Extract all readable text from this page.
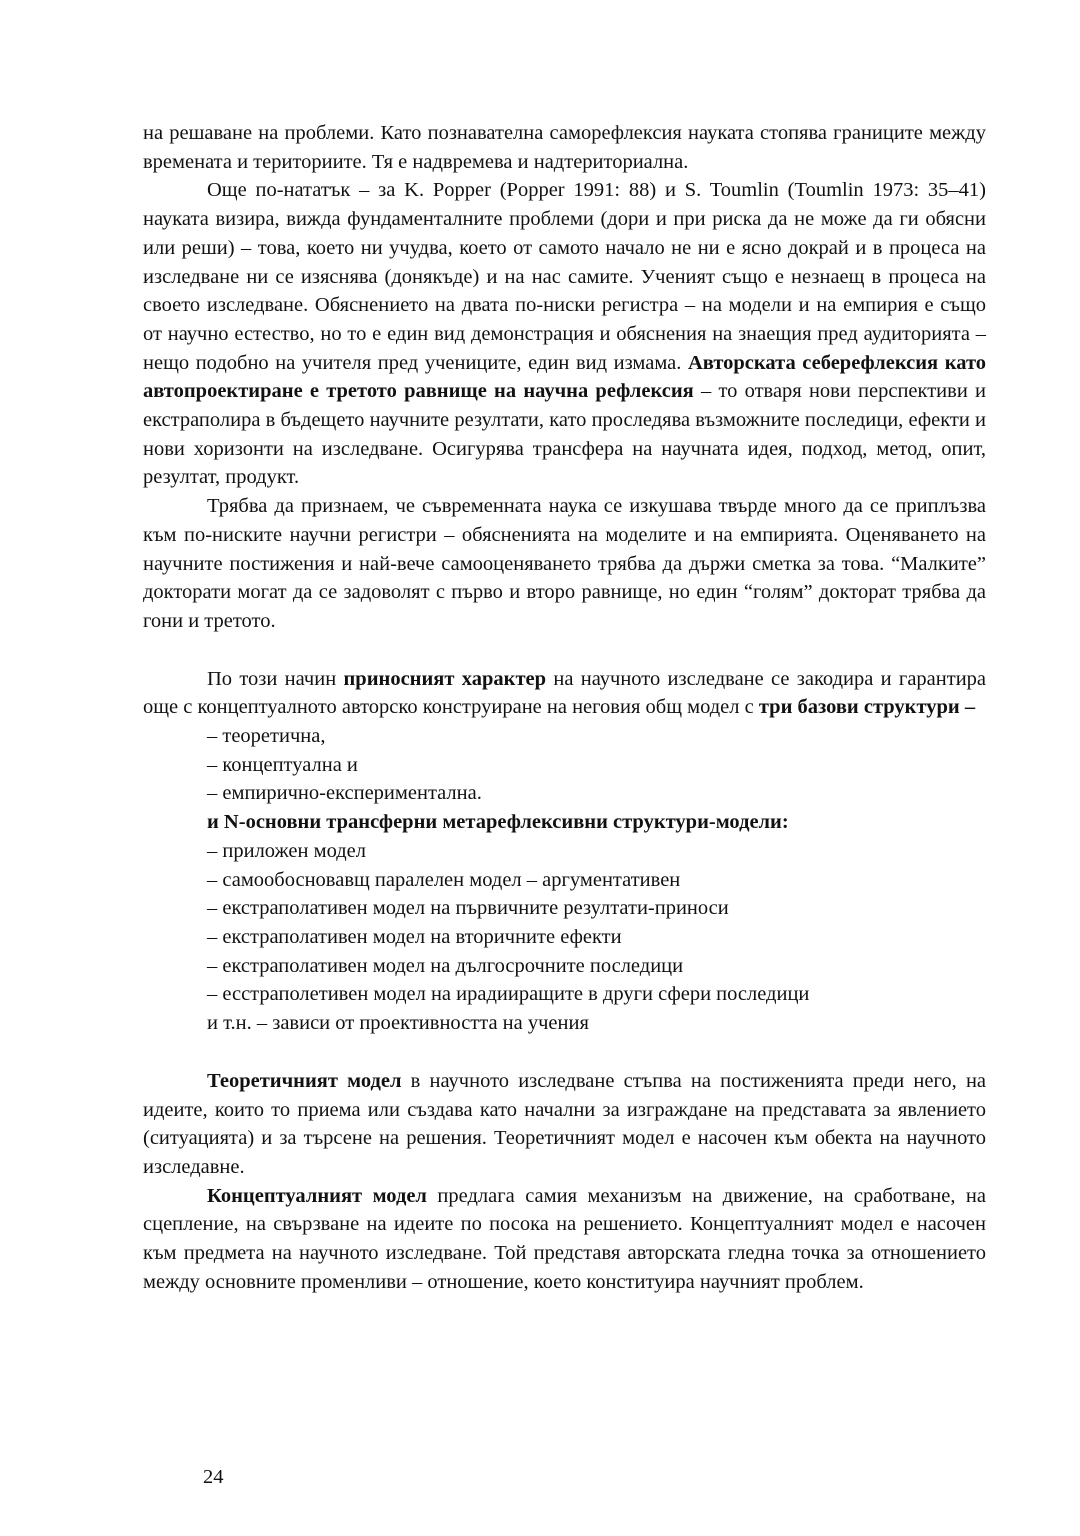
на решаване на проблеми. Като познавателна саморефлексия науката стопява границите между времената и териториите. Тя е надвремева и надтериториална.

Още по-нататък – за K. Popper (Popper 1991: 88) и S. Toumlin (Toumlin 1973: 35–41) науката визира, вижда фундаменталните проблеми (дори и при риска да не може да ги обясни или реши) – това, което ни учудва, което от самото начало не ни е ясно докрай и в процеса на изследване ни се изяснява (донякъде) и на нас самите. Ученият също е незнаещ в процеса на своето изследване. Обяснението на двата по-ниски регистра – на модели и на емпирия е също от научно естество, но то е един вид демонстрация и обяснения на знаещия пред аудиторията – нещо подобно на учителя пред учениците, един вид измама. Авторската себерефлексия като автопроектиране е третото равнище на научна рефлексия – то отваря нови перспективи и екстраполира в бъдещето научните резултати, като проследява възможните последици, ефекти и нови хоризонти на изследване. Осигурява трансфера на научната идея, подход, метод, опит, резултат, продукт.

Трябва да признаем, че съвременната наука се изкушава твърде много да се приплъзва към по-ниските научни регистри – обясненията на моделите и на емпирията. Оценяването на научните постижения и най-вече самооценяването трябва да държи сметка за това. “Малките” докторати могат да се задоволят с първо и второ равнище, но един “голям” докторат трябва да гони и третото.

По този начин приносният характер на научното изследване се закодира и гарантира още с концептуалното авторско конструиране на неговия общ модел с три базови структури –

– теоретична,
– концептуална и
– емпирично-експериментална.
и N-основни трансферни метарефлексивни структури-модели:
– приложен модел
– самообосновавщ паралелен модел – аргументативен
– екстраполативен модел на първичните резултати-приноси
– екстраполативен модел на вторичните ефекти
– екстраполативен модел на дългосрочните последици
– есстраполетивен модел на ирадииращите в други сфери последици
и т.н. – зависи от проективността на учения

Теоретичният модел в научното изследване стъпва на постиженията преди него, на идеите, които то приема или създава като начални за изграждане на представата за явлението (ситуацията) и за търсене на решения. Теоретичният модел е насочен към обекта на научното изследавне.

Концептуалният модел предлага самия механизъм на движение, на сработване, на сцепление, на свързване на идеите по посока на решението. Концептуалният модел е насочен към предмета на научното изследване. Той представя авторската гледна точка за отношението между основните променливи – отношение, което конституира научният проблем.

24
